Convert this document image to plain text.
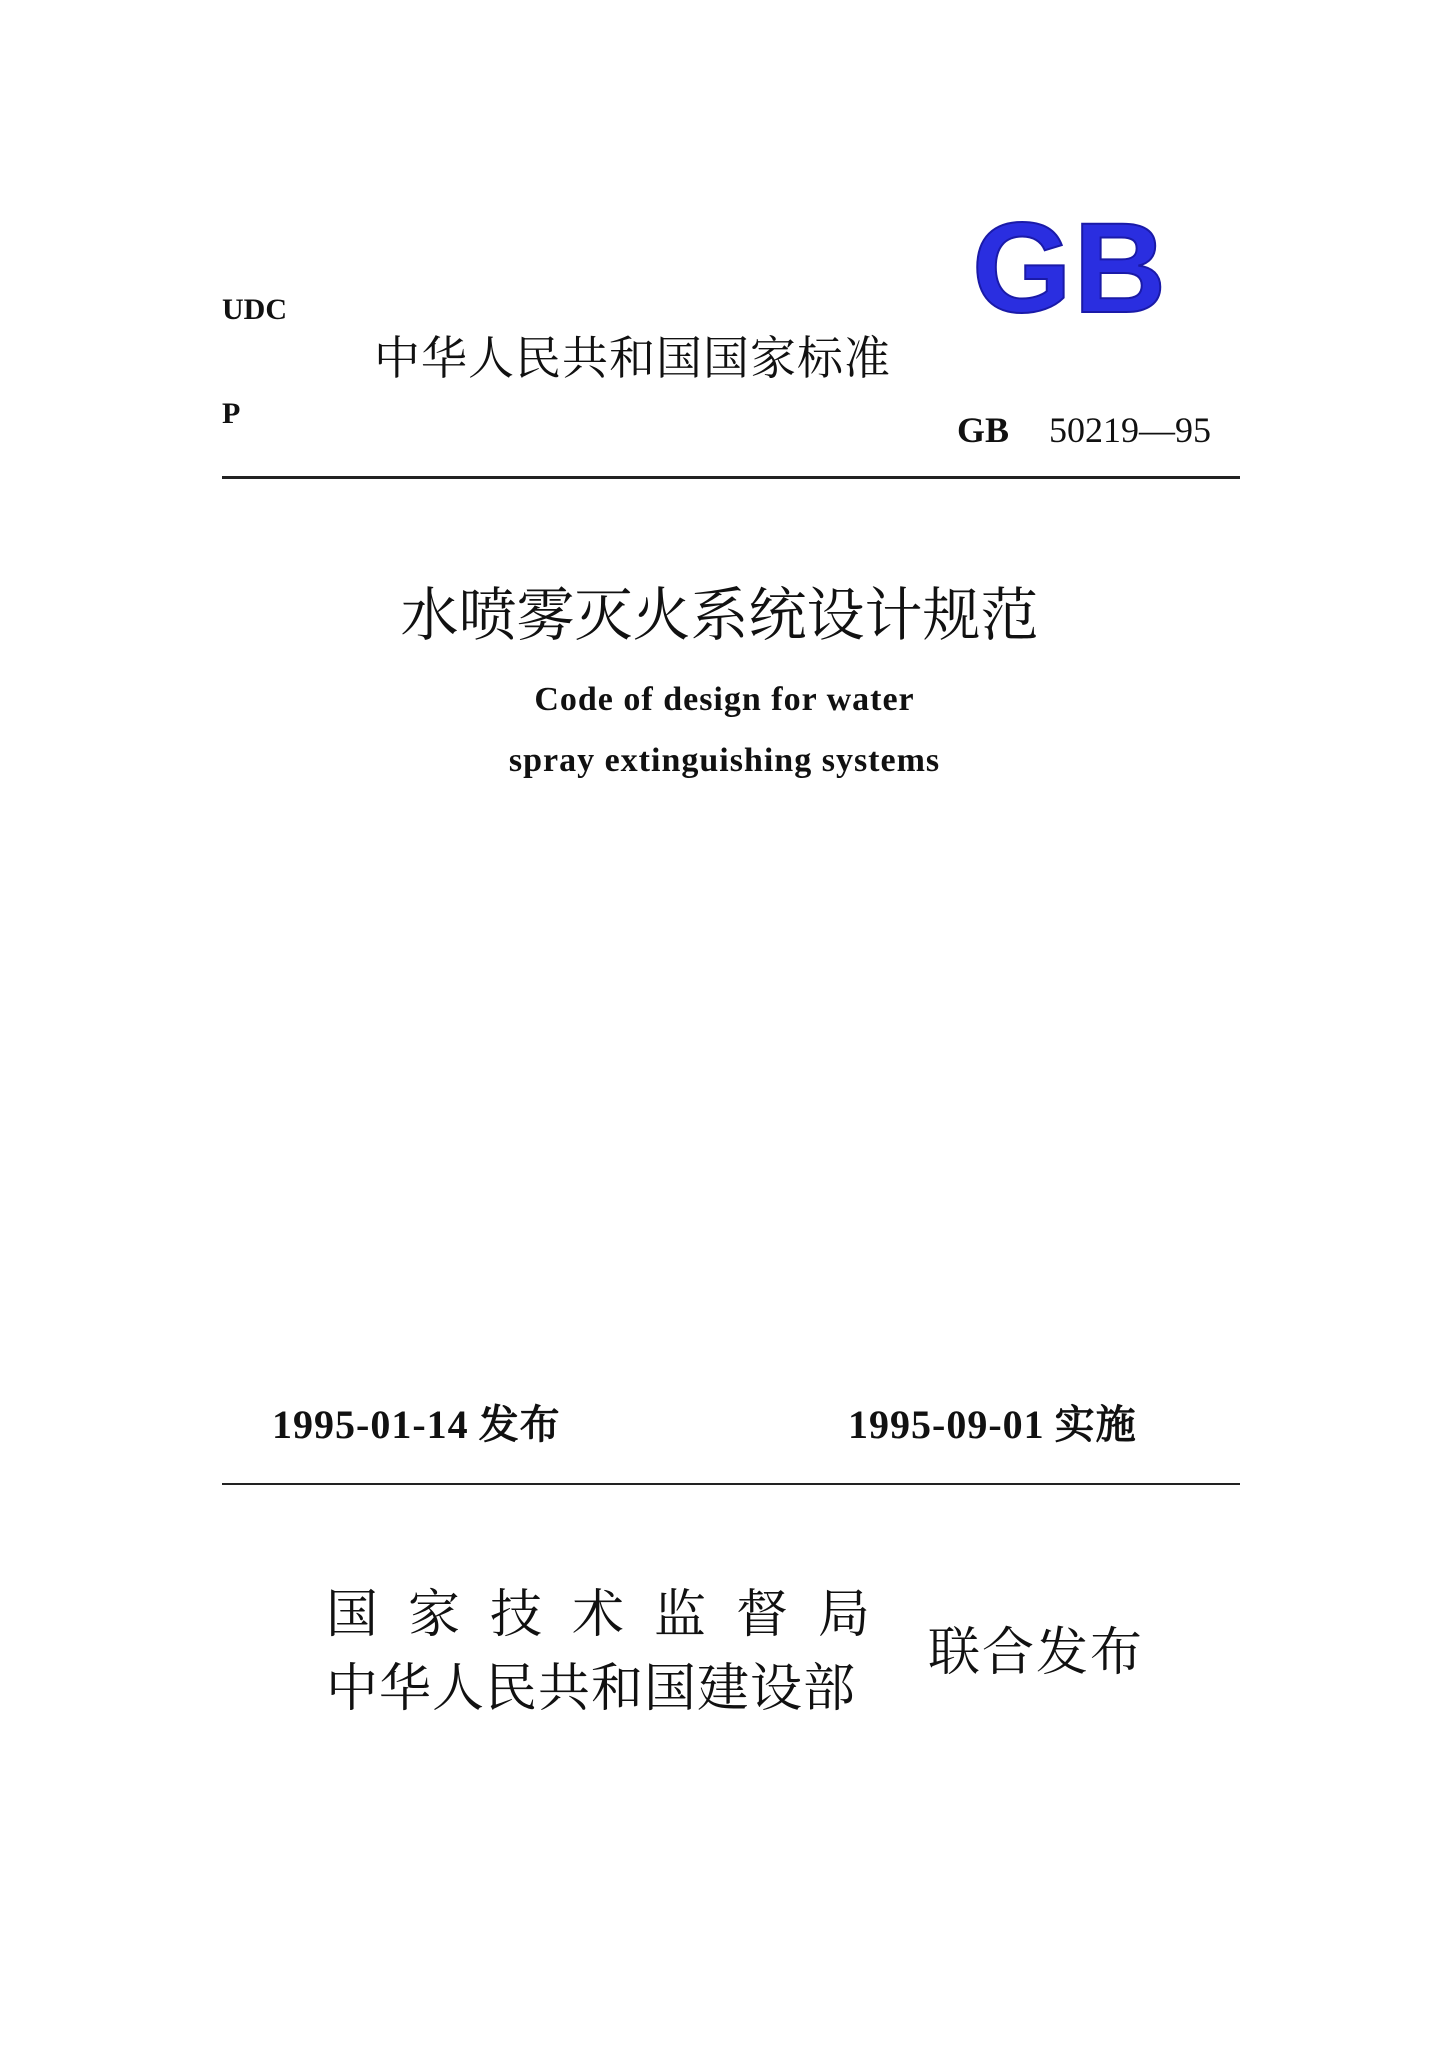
UDC
P
GB
中华人民共和国国家标准
GB 50219—95
水喷雾灭火系统设计规范
Code of design for water
spray extinguishing systems
1995-01-14 发布	1995-09-01 实施
国家技术监督局
中华人民共和国建设部
联合发布
